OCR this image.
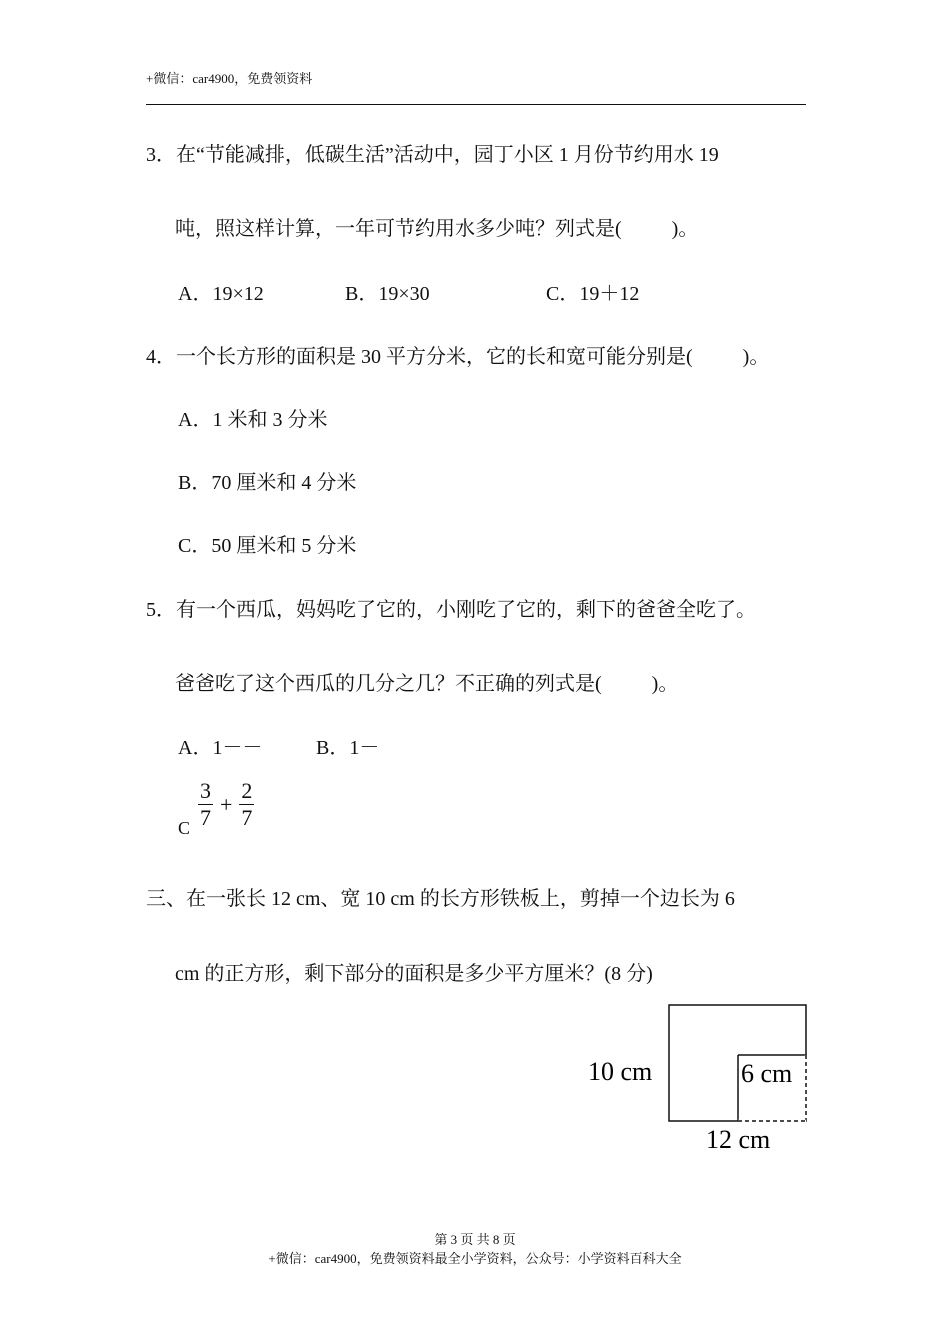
+微信：car4900，免费领资料
3．在“节能减排，低碳生活”活动中，园丁小区 1 月份节约用水 19
吨，照这样计算，一年可节约用水多少吨？列式是(	)。
A．19×12	B．19×30	C．19＋12
4．一个长方形的面积是 30 平方分米，它的长和宽可能分别是(	)。
A．1 米和 3 分米
B．70 厘米和 4 分米
C．50 厘米和 5 分米
5．有一个西瓜，妈妈吃了它的，小刚吃了它的，剩下的爸爸全吃了。
爸爸吃了这个西瓜的几分之几？不正确的列式是(	)。
A．1－－	B．1－
C $\frac{3}{7} + \frac{2}{7}$
三、在一张长 12 cm、宽 10 cm 的长方形铁板上，剪掉一个边长为 6
cm 的正方形，剩下部分的面积是多少平方厘米？(8 分)
10 cm	6 cm
12 cm
第 3 页 共 8 页
+微信：car4900，免费领资料最全小学资料，公众号：小学资料百科大全
